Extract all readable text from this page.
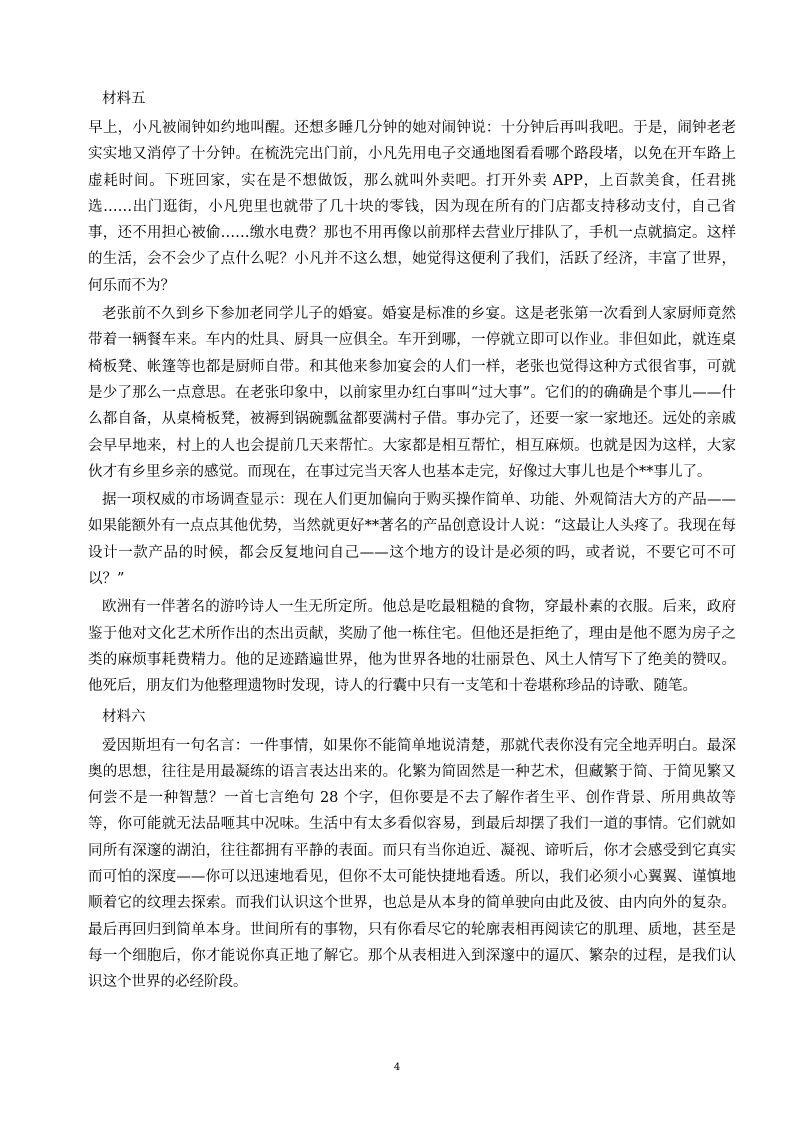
材料五

早上，小凡被闹钟如约地叫醒。还想多睡几分钟的她对闹钟说：十分钟后再叫我吧。于是，闹钟老老实实地又消停了十分钟。在梳洗完出门前，小凡先用电子交通地图看看哪个路段堵，以免在开车路上虚耗时间。下班回家，实在是不想做饭，那么就叫外卖吧。打开外卖 APP，上百款美食，任君挑选……出门逛街，小凡兜里也就带了几十块的零钱，因为现在所有的门店都支持移动支付，自己省事，还不用担心被偷……缴水电费？那也不用再像以前那样去营业厅排队了，手机一点就搞定。这样的生活，会不会少了点什么呢？小凡并不这么想，她觉得这便利了我们，活跃了经济，丰富了世界，何乐而不为？

老张前不久到乡下参加老同学儿子的婚宴。婚宴是标准的乡宴。这是老张第一次看到人家厨师竟然带着一辆餐车来。车内的灶具、厨具一应俱全。车开到哪，一停就立即可以作业。非但如此，就连桌椅板凳、帐篷等也都是厨师自带。和其他来参加宴会的人们一样，老张也觉得这种方式很省事，可就是少了那么一点意思。在老张印象中，以前家里办红白事叫“过大事”。它们的的确确是个事儿——什么都自备，从桌椅板凳，被褥到锅碗瓢盆都要满村子借。事办完了，还要一家一家地还。远处的亲戚会早早地来，村上的人也会提前几天来帮忙。大家都是相互帮忙，相互麻烦。也就是因为这样，大家伙才有乡里乡亲的感觉。而现在，在事过完当天客人也基本走完，好像过大事儿也是个**事儿了。

据一项权威的市场调查显示：现在人们更加偏向于购买操作简单、功能、外观简洁大方的产品——如果能额外有一点点其他优势，当然就更好**著名的产品创意设计人说：“这最让人头疼了。我现在每设计一款产品的时候，都会反复地问自己——这个地方的设计是必须的吗，或者说，不要它可不可以？”

欧洲有一伴著名的游吟诗人一生无所定所。他总是吃最粗糙的食物，穿最朴素的衣服。后来，政府鉴于他对文化艺术所作出的杰出贡献，奖励了他一栋住宅。但他还是拒绝了，理由是他不愿为房子之类的麻烦事耗费精力。他的足迹踏遍世界，他为世界各地的壮丽景色、风土人情写下了绝美的赞叹。他死后，朋友们为他整理遗物时发现，诗人的行囊中只有一支笔和十卷堪称珍品的诗歌、随笔。

材料六

爱因斯坦有一句名言：一件事情，如果你不能简单地说清楚，那就代表你没有完全地弄明白。最深奥的思想，往往是用最凝练的语言表达出来的。化繁为简固然是一种艺术，但藏繁于简、于简见繁又何尝不是一种智慧？一首七言绝句 28 个字，但你要是不去了解作者生平、创作背景、所用典故等等，你可能就无法品咂其中况味。生活中有太多看似容易，到最后却摆了我们一道的事情。它们就如同所有深邃的湖泊，往往都拥有平静的表面。而只有当你迫近、凝视、谛听后，你才会感受到它真实而可怕的深度——你可以迅速地看见，但你不太可能快捷地看透。所以，我们必须小心翼翼、谨慎地顺着它的纹理去探索。而我们认识这个世界，也总是从本身的简单驶向由此及彼、由内向外的复杂。最后再回归到简单本身。世间所有的事物，只有你看尽它的轮廓表相再阅读它的肌理、质地，甚至是每一个细胞后，你才能说你真正地了解它。那个从表相进入到深邃中的逼仄、繁杂的过程，是我们认识这个世界的必经阶段。

4
